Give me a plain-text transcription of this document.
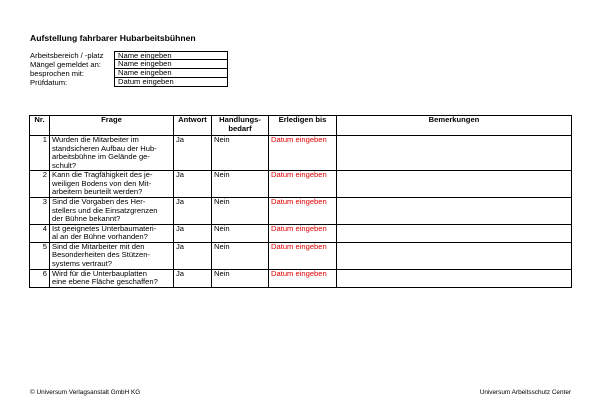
Aufstellung fahrbarer Hubarbeitsbühnen
Arbeitsbereich / -platz	Name eingeben
Mängel gemeldet an:	Name eingeben
besprochen mit:	Name eingeben
Prüfdatum:	Datum eingeben
Nr.	Frage	Antwort	Handlungs-
bedarf	Erledigen bis	Bemerkungen
1	Wurden die Mitarbeiter im
standsicheren Aufbau der Hub-
arbeitsbühne im Gelände ge-
schult?	Ja	Nein	Datum eingeben	
2	Kann die Tragfähigkeit des je-
weiligen Bodens von den Mit-
arbeitern beurteilt werden?	Ja	Nein	Datum eingeben	
3	Sind die Vorgaben des Her-
stellers und die Einsatzgrenzen
der Bühne bekannt?	Ja	Nein	Datum eingeben	
4	Ist geeignetes Unterbaumateri-
al an der Bühne vorhanden?	Ja	Nein	Datum eingeben	
5	Sind die Mitarbeiter mit den
Besonderheiten des Stützen-
systems vertraut?	Ja	Nein	Datum eingeben	
6	Wird für die Unterbauplatten
eine ebene Fläche geschaffen?	Ja	Nein	Datum eingeben	
© Universum Verlagsanstalt GmbH KG	Universum Arbeitsschutz Center
